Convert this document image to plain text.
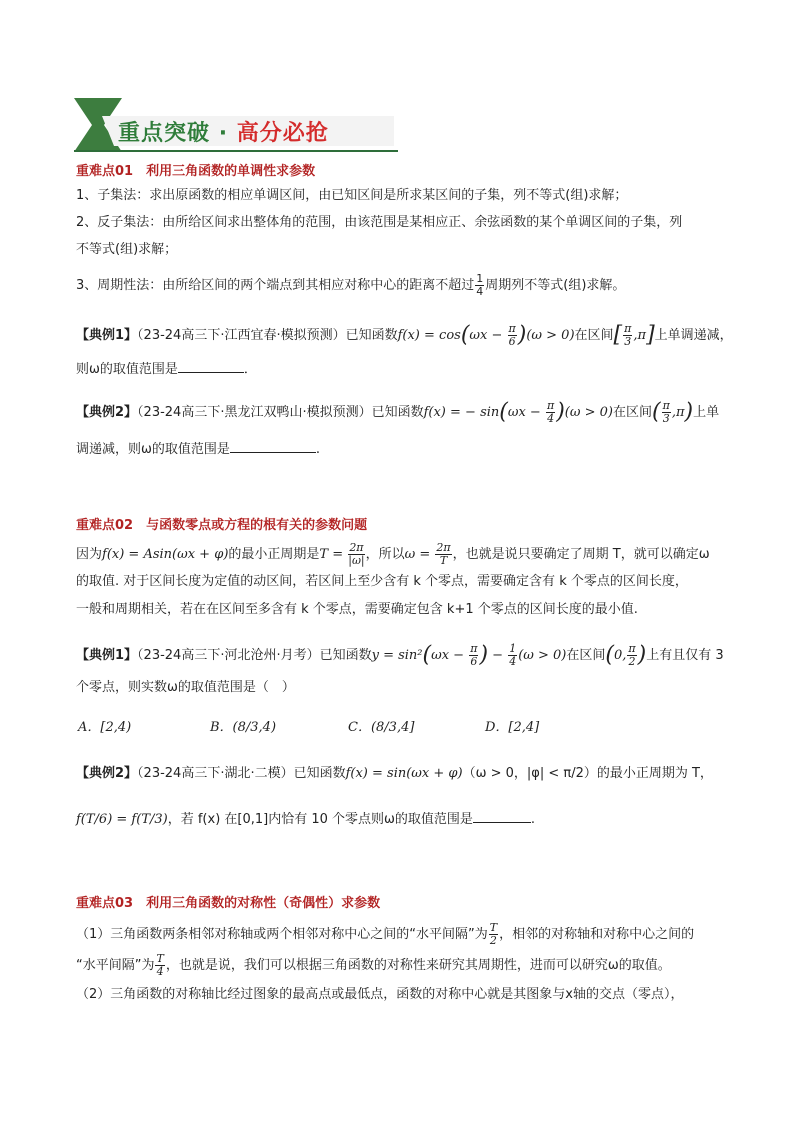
重点突破 · 高分必抢
重难点01　利用三角函数的单调性求参数
1、子集法：求出原函数的相应单调区间，由已知区间是所求某区间的子集，列不等式(组)求解；
2、反子集法：由所给区间求出整体角的范围，由该范围是某相应正、余弦函数的某个单调区间的子集，列
不等式(组)求解；
3、周期性法：由所给区间的两个端点到其相应对称中心的距离不超过 $\frac{1}{4}$ 周期列不等式(组)求解。
【典例1】（23-24高三下·江西宜春·模拟预测）已知函数$f(x) = \cos(\omega x - \frac{\pi}{6} )(\omega > 0)$在区间[ $\frac{\pi}{3} ,\pi$]上单调递减，
则ω的取值范围是	．
【典例2】（23-24高三下·黑龙江双鸭山·模拟预测）已知函数f(x) = − $\sin(\omega x - \frac{\pi}{4} )(\omega > 0)$在区间( $\frac{\pi}{3} ,\pi$)上单
调递减，则ω的取值范围是	.
重难点02　与函数零点或方程的根有关的参数问题
因为f(x) = Asin(ωx + φ)的最小正周期是$T = \frac{2\pi}{|\omega|}$ ，所以$\omega = \frac{2\pi}{T}$ ，也就是说只要确定了周期 T，就可以确定ω
的取值. 对于区间长度为定值的动区间，若区间上至少含有 k 个零点，需要确定含有 k 个零点的区间长度，
一般和周期相关，若在在区间至多含有 k 个零点，需要确定包含 k+1 个零点的区间长度的最小值.
【典例1】（23-24高三下·河北沧州·月考）已知函数$y = \sin^2(\omega x - \frac{\pi}{6}$ ) − $\frac{1}{4} (\omega > 0)$在区间(0, $\frac{\pi}{2}$ )上有且仅有 3
个零点，则实数ω的取值范围是（　）
A．[2,4)	B．(8/3,4)	C．(8/3,4]	D．[2,4]
【典例2】（23-24高三下·湖北·二模）已知函数f(x) = sin(ωx + φ)（ω > 0，|φ| < π/2）的最小正周期为 T，
f(T/6) = f(T/3)，若 f(x) 在[0,1]内恰有 10 个零点则ω的取值范围是	.
重难点03　利用三角函数的对称性（奇偶性）求参数
（1）三角函数两条相邻对称轴或两个相邻对称中心之间的“水平间隔”为 $\frac{T}{2}$ ，相邻的对称轴和对称中心之间的
“水平间隔”为 $\frac{T}{4}$ ，也就是说，我们可以根据三角函数的对称性来研究其周期性，进而可以研究ω的取值。
（2）三角函数的对称轴比经过图象的最高点或最低点，函数的对称中心就是其图象与x轴的交点（零点），
